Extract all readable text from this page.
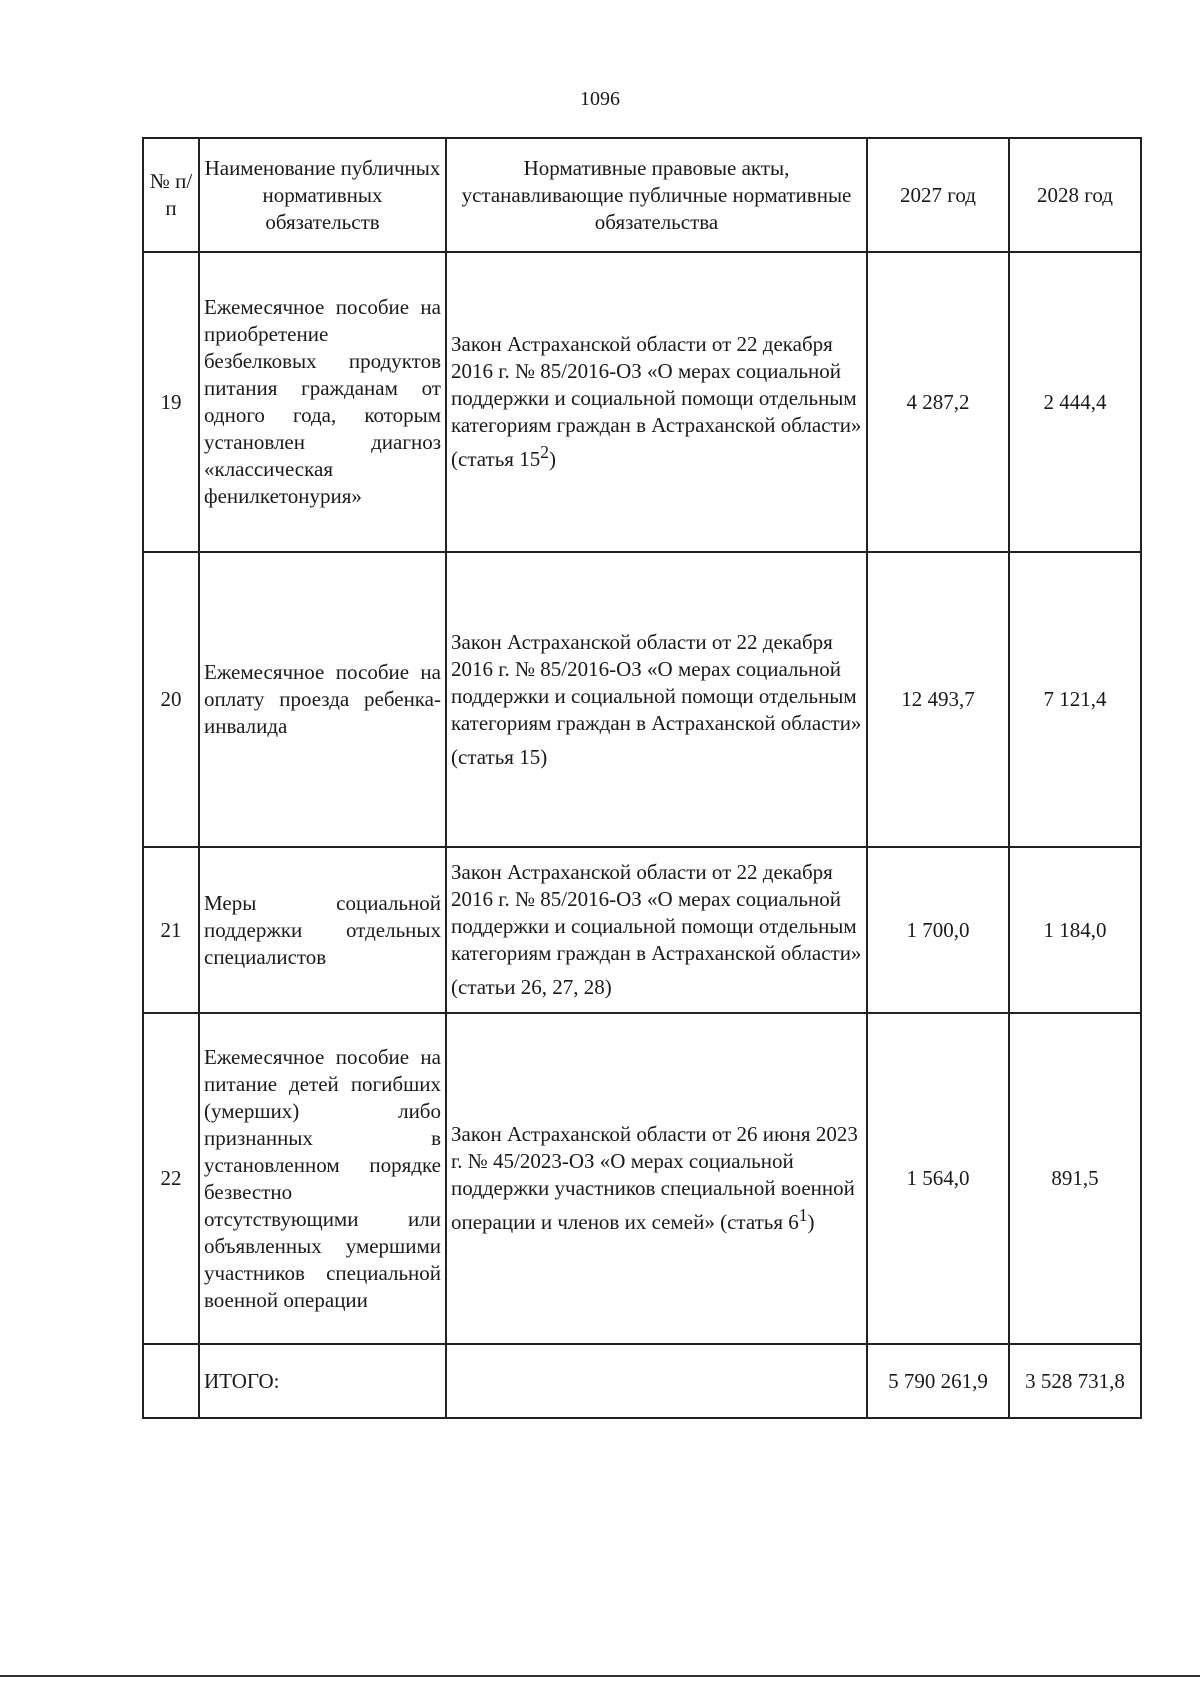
1096
№ п/п	Наименование публичных нормативных обязательств	Нормативные правовые акты, устанавливающие публичные нормативные обязательства	2027 год	2028 год
19	Ежемесячное пособие на приобретение безбелковых продуктов питания гражданам от одного года, которым установлен диагноз «классическая фенилкетонурия»	Закон Астраханской области от 22 декабря 2016 г. № 85/2016-ОЗ «О мерах социальной поддержки и социальной помощи отдельным категориям граждан в Астраханской области» (статья $15^2$)	4 287,2	2 444,4
20	Ежемесячное пособие на оплату проезда ребенка-инвалида	Закон Астраханской области от 22 декабря 2016 г. № 85/2016-ОЗ «О мерах социальной поддержки и социальной помощи отдельным категориям граждан в Астраханской области» (статья 15)	12 493,7	7 121,4
21	Меры социальной поддержки отдельных специалистов	Закон Астраханской области от 22 декабря 2016 г. № 85/2016-ОЗ «О мерах социальной поддержки и социальной помощи отдельным категориям граждан в Астраханской области» (статьи 26, 27, 28)	1 700,0	1 184,0
22	Ежемесячное пособие на питание детей погибших (умерших) либо признанных в установленном порядке безвестно отсутствующими или объявленных умершими участников специальной военной операции	Закон Астраханской области от 26 июня 2023 г. № 45/2023-ОЗ «О мерах социальной поддержки участников специальной военной операции и членов их семей» (статья $6^1$)	1 564,0	891,5
	ИТОГО:		5 790 261,9	3 528 731,8
